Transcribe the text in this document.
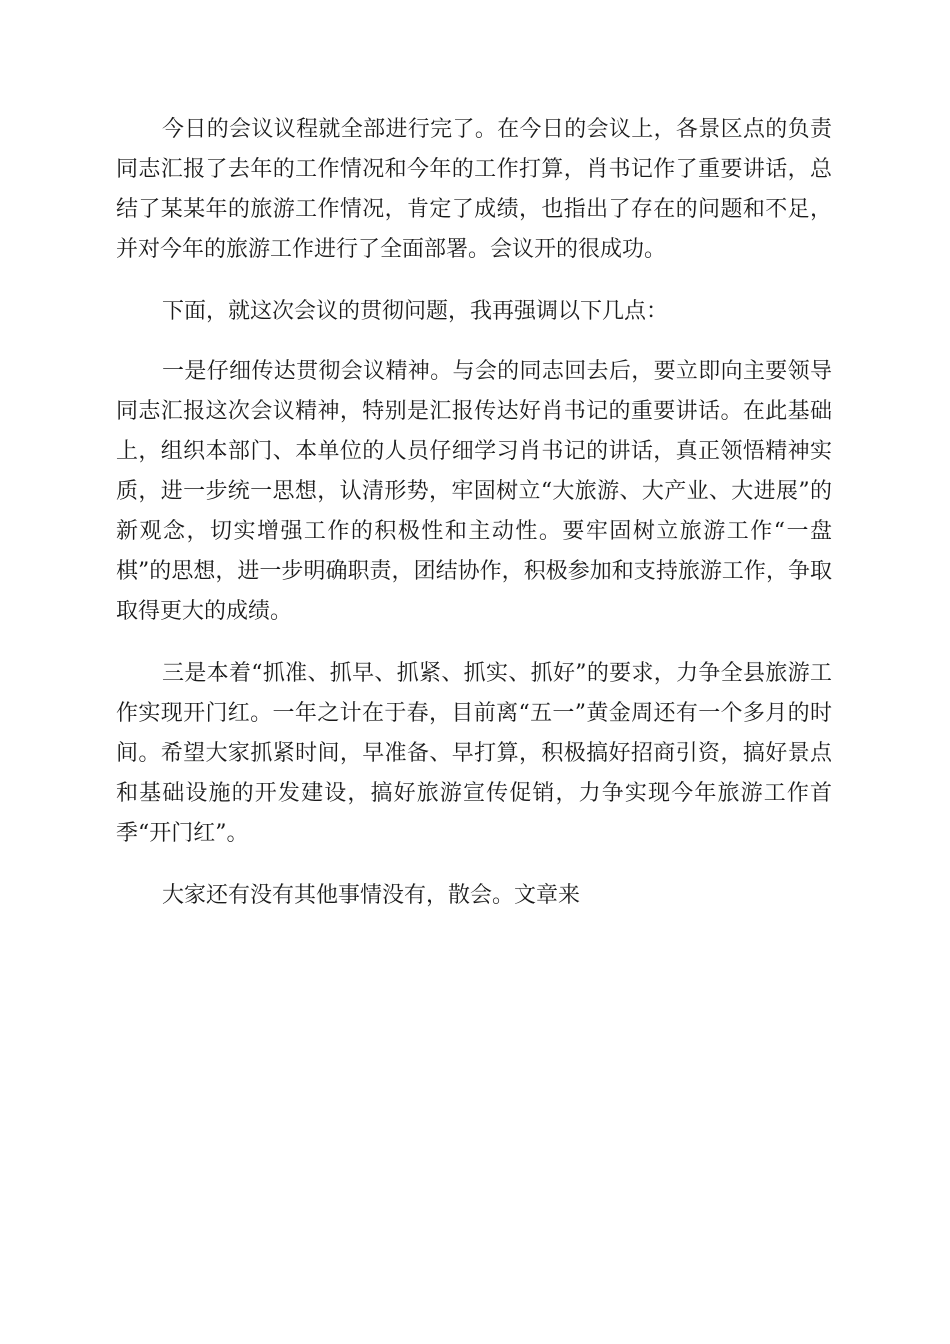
今日的会议议程就全部进行完了。在今日的会议上，各景区点的负责同志汇报了去年的工作情况和今年的工作打算，肖书记作了重要讲话，总结了某某年的旅游工作情况，肯定了成绩，也指出了存在的问题和不足，并对今年的旅游工作进行了全面部署。会议开的很成功。

下面，就这次会议的贯彻问题，我再强调以下几点：

一是仔细传达贯彻会议精神。与会的同志回去后，要立即向主要领导同志汇报这次会议精神，特别是汇报传达好肖书记的重要讲话。在此基础上，组织本部门、本单位的人员仔细学习肖书记的讲话，真正领悟精神实质，进一步统一思想，认清形势，牢固树立“大旅游、大产业、大进展”的新观念，切实增强工作的积极性和主动性。要牢固树立旅游工作“一盘棋”的思想，进一步明确职责，团结协作，积极参加和支持旅游工作，争取取得更大的成绩。

三是本着“抓准、抓早、抓紧、抓实、抓好”的要求，力争全县旅游工作实现开门红。一年之计在于春，目前离“五一”黄金周还有一个多月的时间。希望大家抓紧时间，早准备、早打算，积极搞好招商引资，搞好景点和基础设施的开发建设，搞好旅游宣传促销，力争实现今年旅游工作首季“开门红”。

大家还有没有其他事情没有，散会。文章来
